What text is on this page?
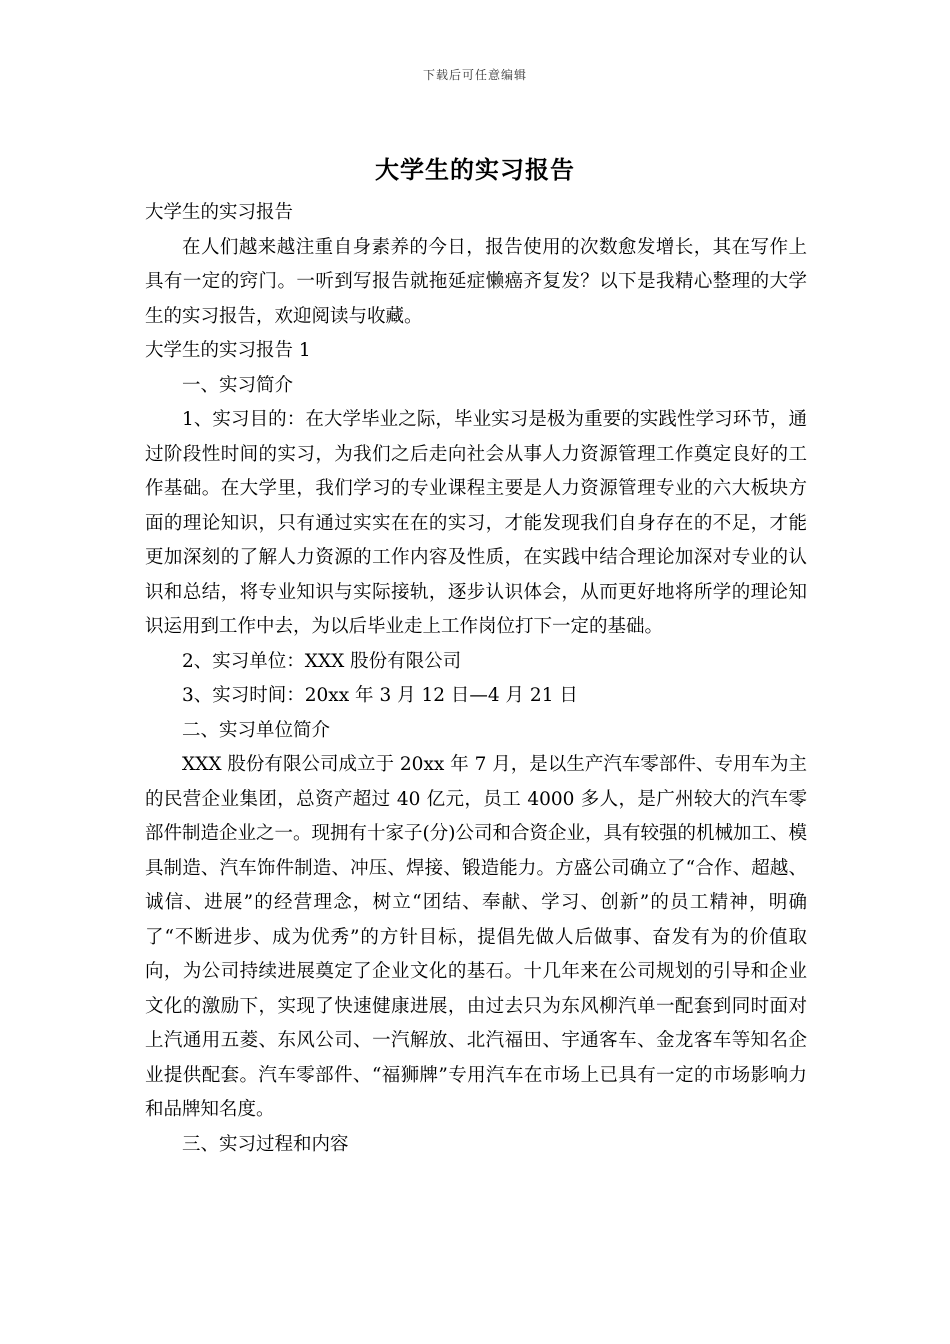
下载后可任意编辑
大学生的实习报告

大学生的实习报告

在人们越来越注重自身素养的今日，报告使用的次数愈发增长，其在写作上具有一定的窍门。一听到写报告就拖延症懒癌齐复发？以下是我精心整理的大学生的实习报告，欢迎阅读与收藏。

大学生的实习报告 1

一、实习简介

1、实习目的：在大学毕业之际，毕业实习是极为重要的实践性学习环节，通过阶段性时间的实习，为我们之后走向社会从事人力资源管理工作奠定良好的工作基础。在大学里，我们学习的专业课程主要是人力资源管理专业的六大板块方面的理论知识，只有通过实实在在的实习，才能发现我们自身存在的不足，才能更加深刻的了解人力资源的工作内容及性质，在实践中结合理论加深对专业的认识和总结，将专业知识与实际接轨，逐步认识体会，从而更好地将所学的理论知识运用到工作中去，为以后毕业走上工作岗位打下一定的基础。

2、实习单位：XXX 股份有限公司

3、实习时间：20xx 年 3 月 12 日—4 月 21 日

二、实习单位简介

XXX 股份有限公司成立于 20xx 年 7 月，是以生产汽车零部件、专用车为主的民营企业集团，总资产超过 40 亿元，员工 4000 多人，是广州较大的汽车零部件制造企业之一。现拥有十家子(分)公司和合资企业，具有较强的机械加工、模具制造、汽车饰件制造、冲压、焊接、锻造能力。方盛公司确立了“合作、超越、诚信、进展”的经营理念，树立“团结、奉献、学习、创新”的员工精神，明确了“不断进步、成为优秀”的方针目标，提倡先做人后做事、奋发有为的价值取向，为公司持续进展奠定了企业文化的基石。十几年来在公司规划的引导和企业文化的激励下，实现了快速健康进展，由过去只为东风柳汽单一配套到同时面对上汽通用五菱、东风公司、一汽解放、北汽福田、宇通客车、金龙客车等知名企业提供配套。汽车零部件、“福狮牌”专用汽车在市场上已具有一定的市场影响力和品牌知名度。

三、实习过程和内容
